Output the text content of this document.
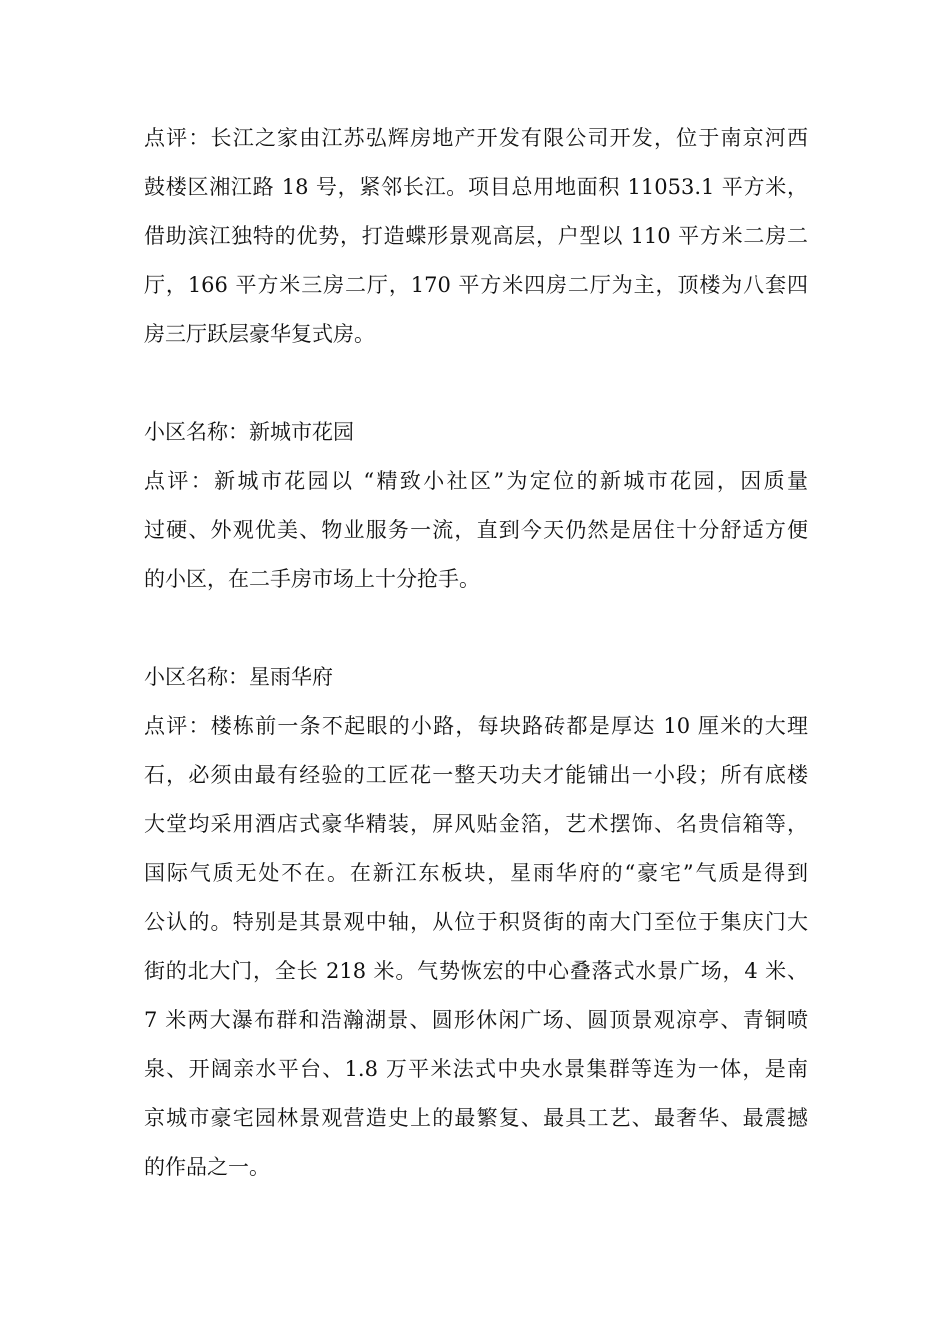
点评：长江之家由江苏弘辉房地产开发有限公司开发，位于南京河西
鼓楼区湘江路 18 号，紧邻长江。项目总用地面积 11053.1 平方米，
借助滨江独特的优势，打造蝶形景观高层，户型以 110 平方米二房二
厅，166 平方米三房二厅，170 平方米四房二厅为主，顶楼为八套四
房三厅跃层豪华复式房。
小区名称：新城市花园
点评：新城市花园以 “精致小社区”为定位的新城市花园，因质量
过硬、外观优美、物业服务一流，直到今天仍然是居住十分舒适方便
的小区，在二手房市场上十分抢手。
小区名称：星雨华府
点评：楼栋前一条不起眼的小路，每块路砖都是厚达 10 厘米的大理
石，必须由最有经验的工匠花一整天功夫才能铺出一小段；所有底楼
大堂均采用酒店式豪华精装，屏风贴金箔，艺术摆饰、名贵信箱等，
国际气质无处不在。在新江东板块，星雨华府的“豪宅”气质是得到
公认的。特别是其景观中轴，从位于积贤街的南大门至位于集庆门大
街的北大门，全长 218 米。气势恢宏的中心叠落式水景广场，4 米、
7 米两大瀑布群和浩瀚湖景、圆形休闲广场、圆顶景观凉亭、青铜喷
泉、开阔亲水平台、1.8 万平米法式中央水景集群等连为一体，是南
京城市豪宅园林景观营造史上的最繁复、最具工艺、最奢华、最震撼
的作品之一。
